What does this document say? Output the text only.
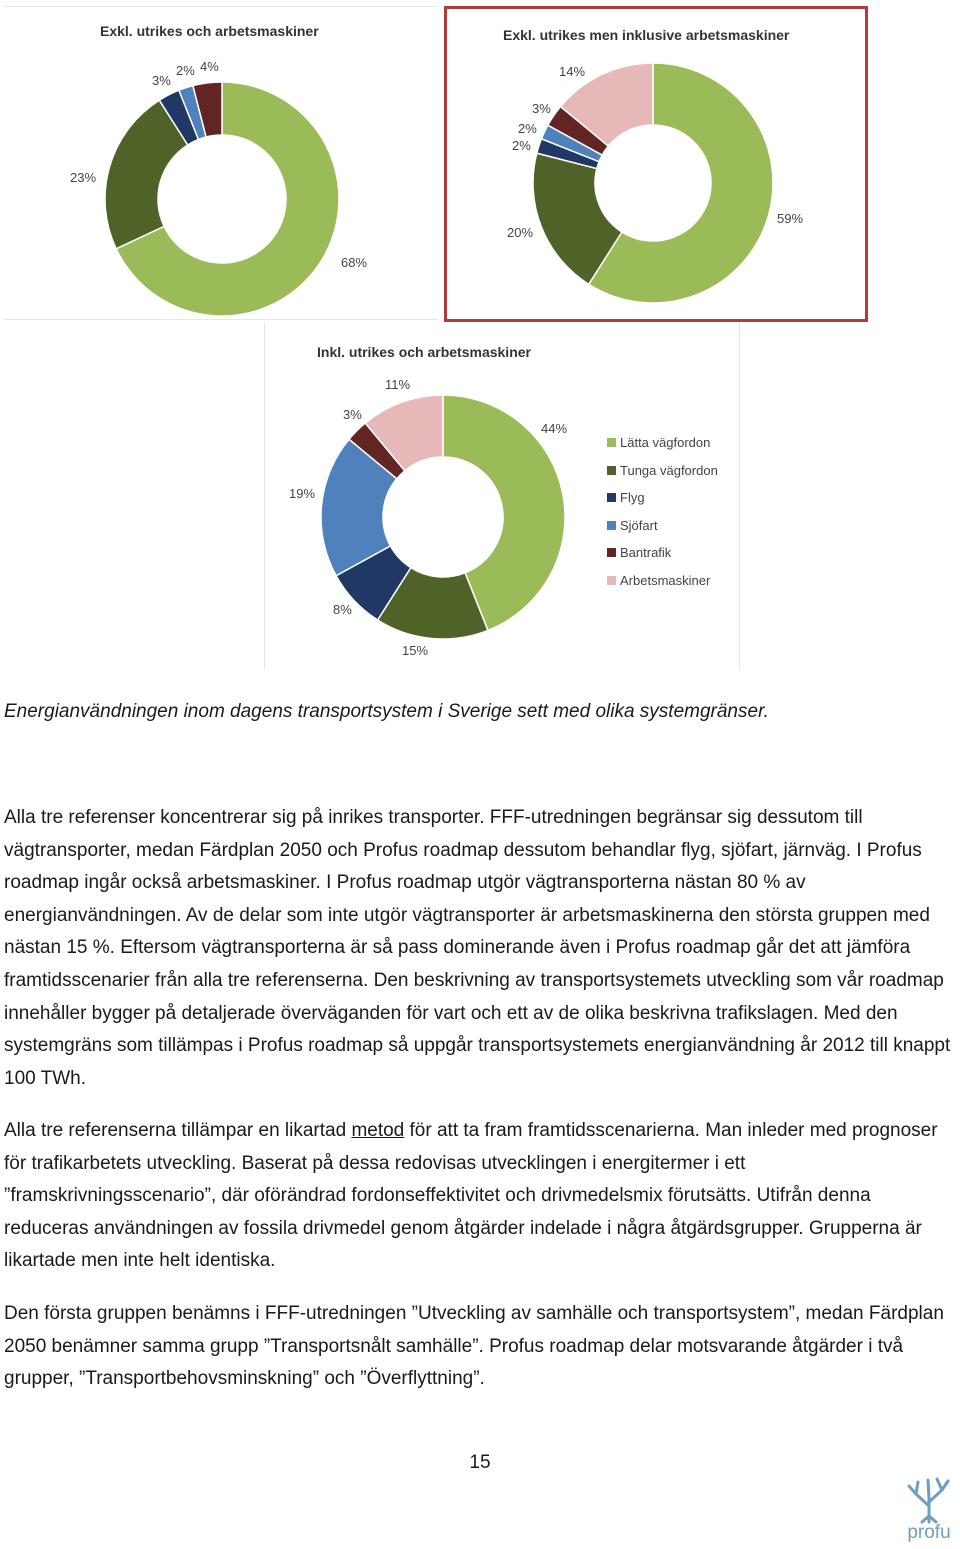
Exkl. utrikes och arbetsmaskiner
68%
23%
3%
2% 4%
Exkl. utrikes men inklusive arbetsmaskiner
59%
20%
2%
2%
3%
14%
Inkl. utrikes och arbetsmaskiner
44%
15%
8%
19%
3%
11%
Lätta vägfordon
Tunga vägfordon
Flyg
Sjöfart
Bantrafik
Arbetsmaskiner

Energianvändningen inom dagens transportsystem i Sverige sett med olika systemgränser.

Alla tre referenser koncentrerar sig på inrikes transporter. FFF-utredningen begränsar sig dessutom till vägtransporter, medan Färdplan 2050 och Profus roadmap dessutom behandlar flyg, sjöfart, järnväg. I Profus roadmap ingår också arbetsmaskiner. I Profus roadmap utgör vägtransporterna nästan 80 % av energianvändningen. Av de delar som inte utgör vägtransporter är arbetsmaskinerna den största gruppen med nästan 15 %. Eftersom vägtransporterna är så pass dominerande även i Profus roadmap går det att jämföra framtidsscenarier från alla tre referenserna. Den beskrivning av transportsystemets utveckling som vår roadmap innehåller bygger på detaljerade överväganden för vart och ett av de olika beskrivna trafikslagen. Med den systemgräns som tillämpas i Profus roadmap så uppgår transportsystemets energianvändning år 2012 till knappt 100 TWh.

Alla tre referenserna tillämpar en likartad metod för att ta fram framtidsscenarierna. Man inleder med prognoser för trafikarbetets utveckling. Baserat på dessa redovisas utvecklingen i energitermer i ett ”framskrivningsscenario”, där oförändrad fordonseffektivitet och drivmedelsmix förutsätts. Utifrån denna reduceras användningen av fossila drivmedel genom åtgärder indelade i några åtgärdsgrupper. Grupperna är likartade men inte helt identiska.

Den första gruppen benämns i FFF-utredningen ”Utveckling av samhälle och transportsystem”, medan Färdplan 2050 benämner samma grupp ”Transportsnålt samhälle”. Profus roadmap delar motsvarande åtgärder i två grupper, ”Transportbehovsminskning” och ”Överflyttning”.

15
profu
